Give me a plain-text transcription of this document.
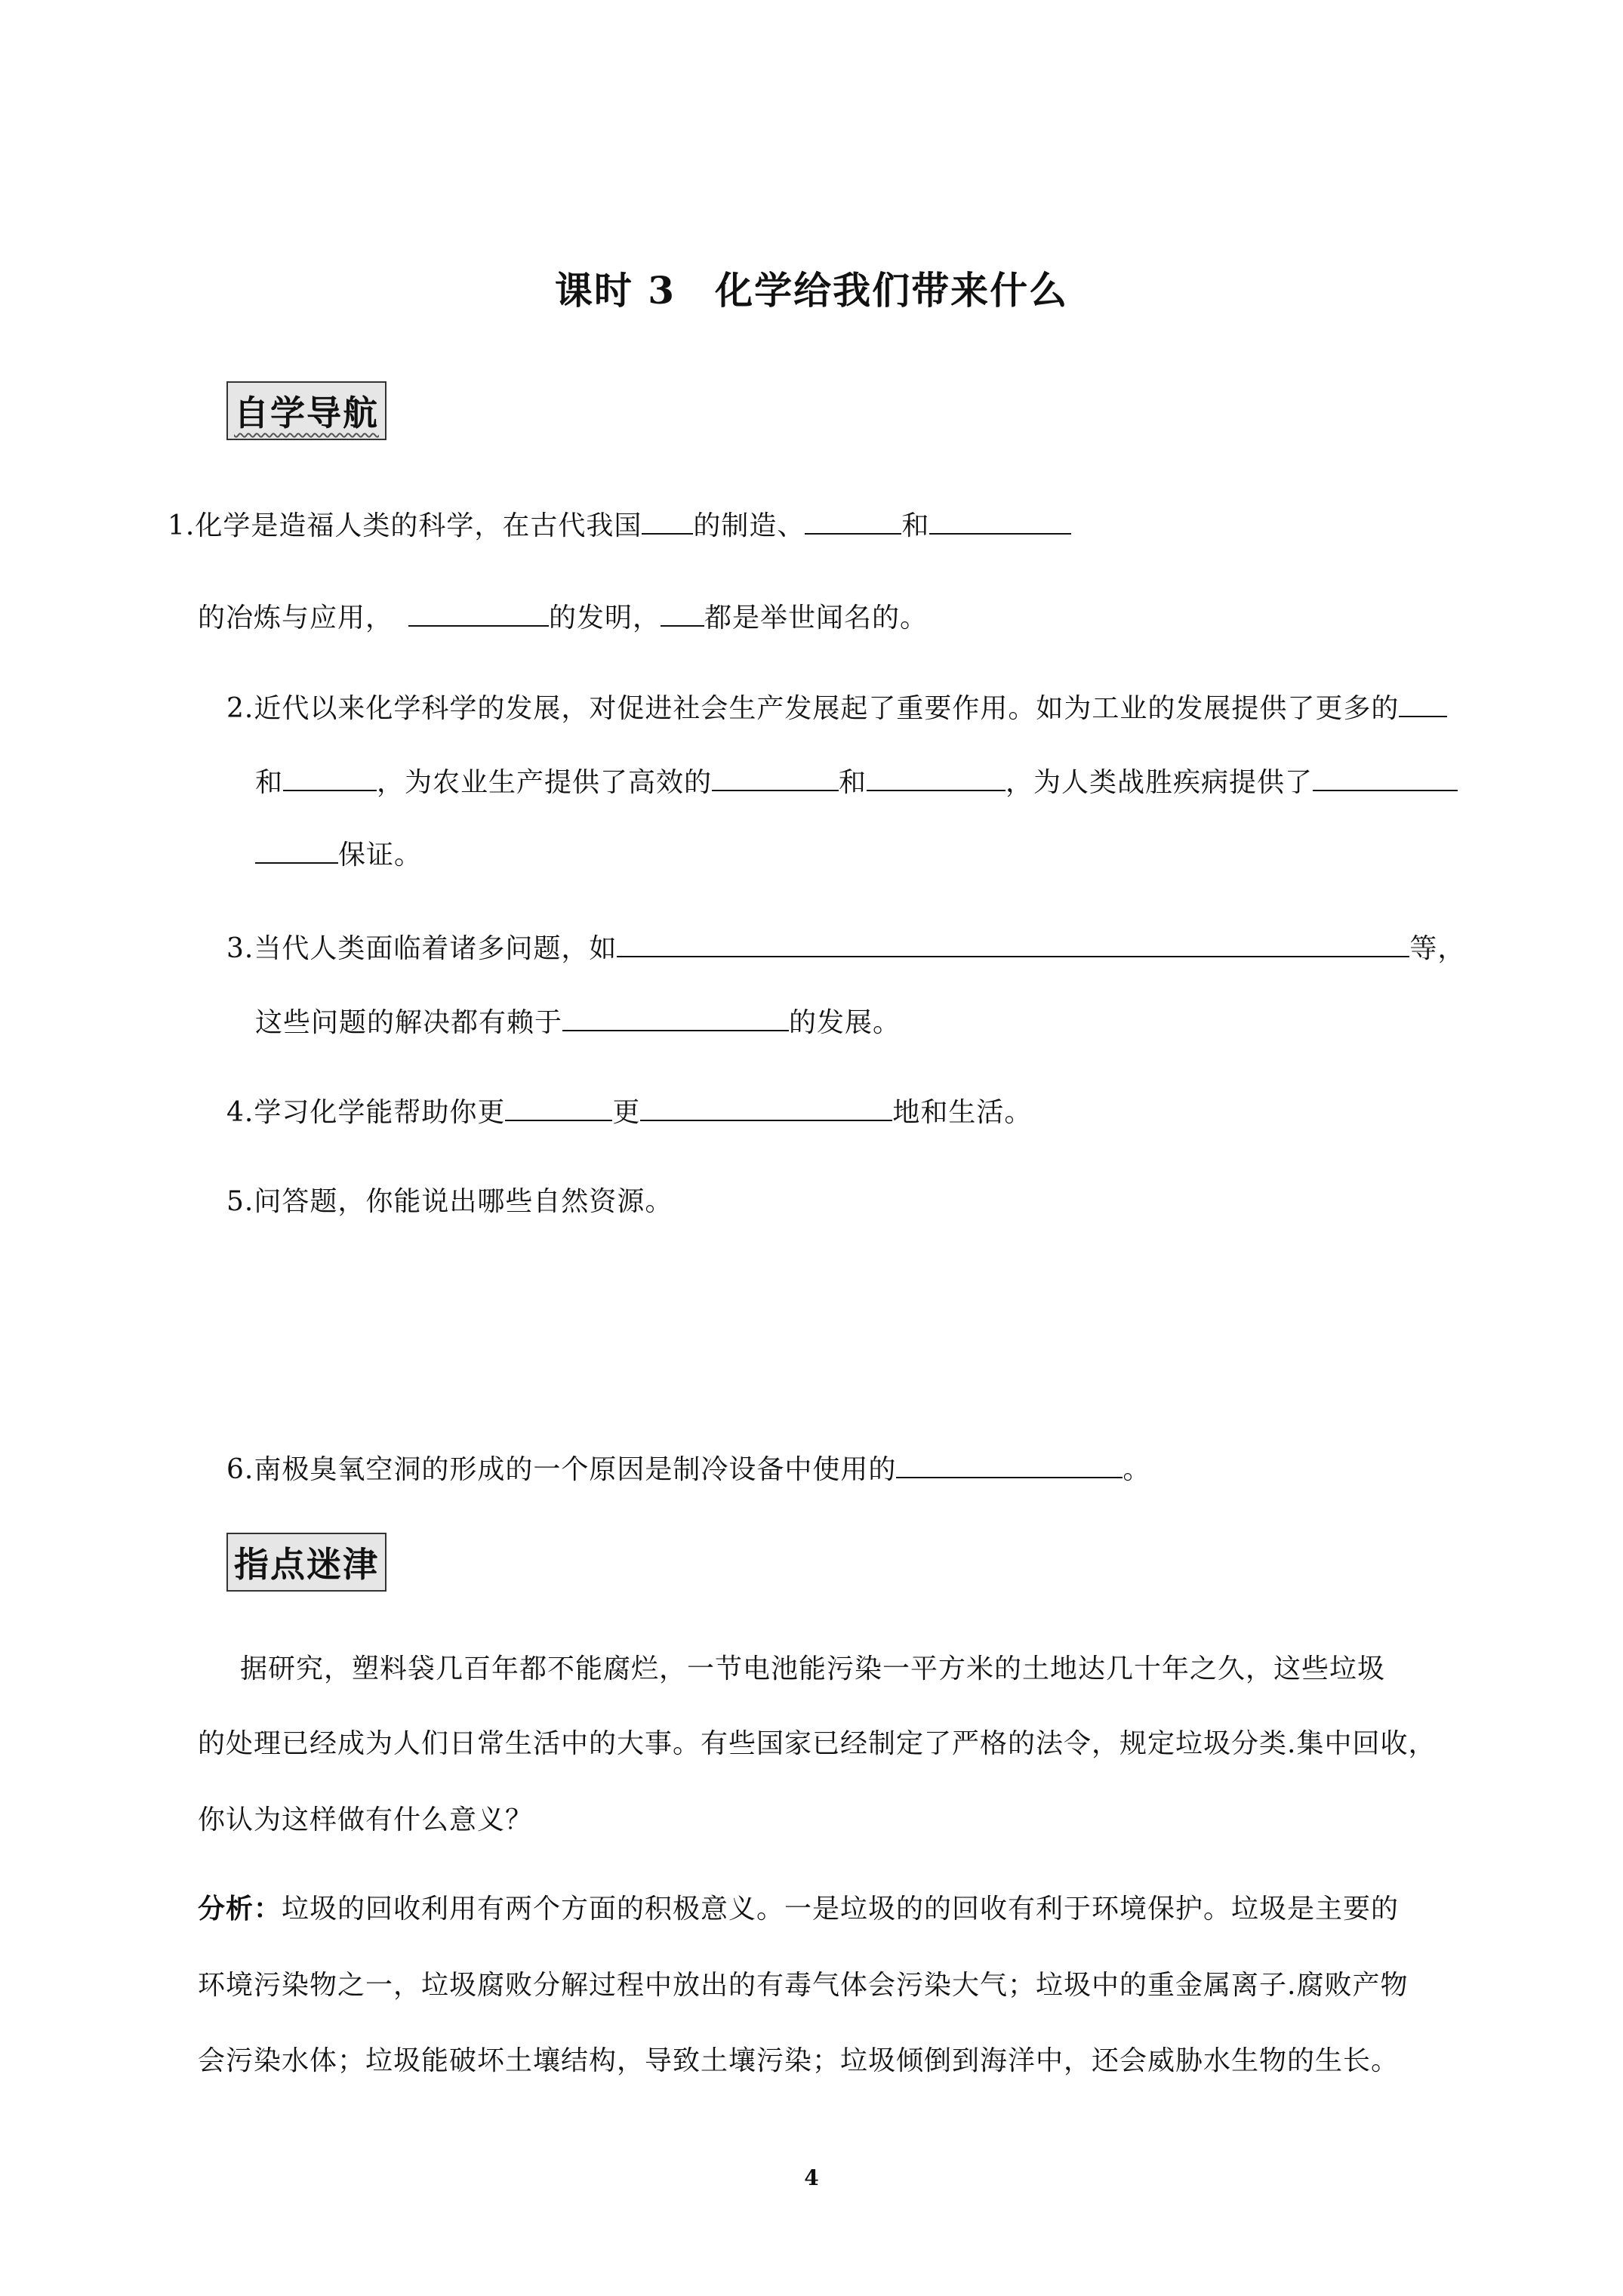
课时 3　化学给我们带来什么
自学导航
1.化学是造福人类的科学，在古代我国 的制造、	和
的冶炼与应用，	的发明， 都是举世闻名的。
2.近代以来化学科学的发展，对促进社会生产发展起了重要作用。如为工业的发展提供了更多的
和	，为农业生产提供了高效的	和	，为人类战胜疾病提供了
保证。
3.当代人类面临着诸多问题，如	等，
这些问题的解决都有赖于	的发展。
4.学习化学能帮助你更	更	地和生活。
5.问答题，你能说出哪些自然资源。
6.南极臭氧空洞的形成的一个原因是制冷设备中使用的	。
指点迷津
据研究，塑料袋几百年都不能腐烂，一节电池能污染一平方米的土地达几十年之久，这些垃圾
的处理已经成为人们日常生活中的大事。有些国家已经制定了严格的法令，规定垃圾分类.集中回收，
你认为这样做有什么意义？
分析：垃圾的回收利用有两个方面的积极意义。一是垃圾的的回收有利于环境保护。垃圾是主要的
环境污染物之一，垃圾腐败分解过程中放出的有毒气体会污染大气；垃圾中的重金属离子.腐败产物
会污染水体；垃圾能破坏土壤结构，导致土壤污染；垃圾倾倒到海洋中，还会威胁水生物的生长。
4
